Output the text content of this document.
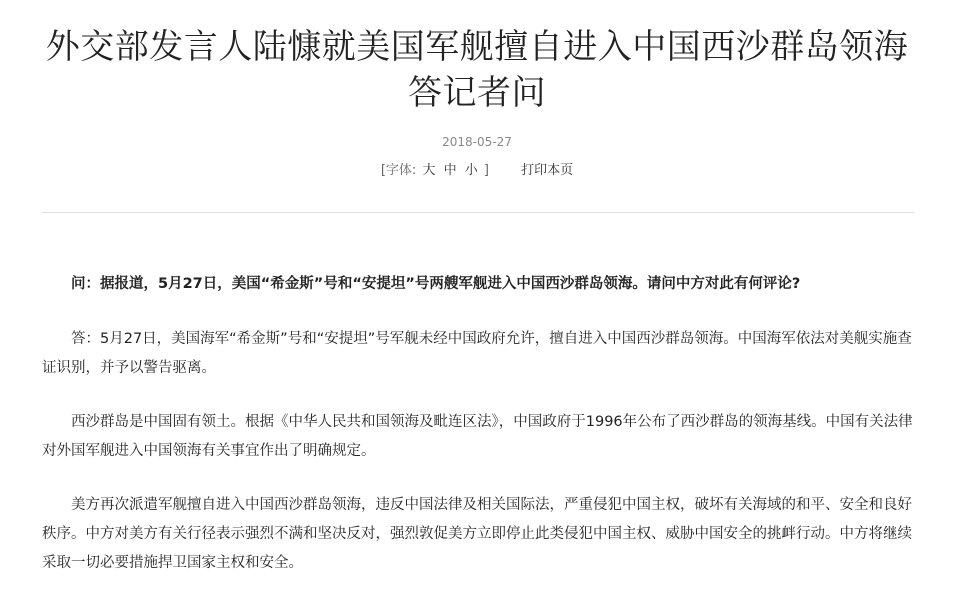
外交部发言人陆慷就美国军舰擅自进入中国西沙群岛领海答记者问
2018-05-27
[字体: 大 中 小 ] 打印本页

问：据报道，5月27日，美国“希金斯”号和“安提坦”号两艘军舰进入中国西沙群岛领海。请问中方对此有何评论?

答：5月27日，美国海军“希金斯”号和“安提坦”号军舰未经中国政府允许，擅自进入中国西沙群岛领海。中国海军依法对美舰实施查证识别，并予以警告驱离。

西沙群岛是中国固有领土。根据《中华人民共和国领海及毗连区法》，中国政府于1996年公布了西沙群岛的领海基线。中国有关法律对外国军舰进入中国领海有关事宜作出了明确规定。

美方再次派遣军舰擅自进入中国西沙群岛领海，违反中国法律及相关国际法，严重侵犯中国主权，破坏有关海域的和平、安全和良好秩序。中方对美方有关行径表示强烈不满和坚决反对，强烈敦促美方立即停止此类侵犯中国主权、威胁中国安全的挑衅行动。中方将继续采取一切必要措施捍卫国家主权和安全。
